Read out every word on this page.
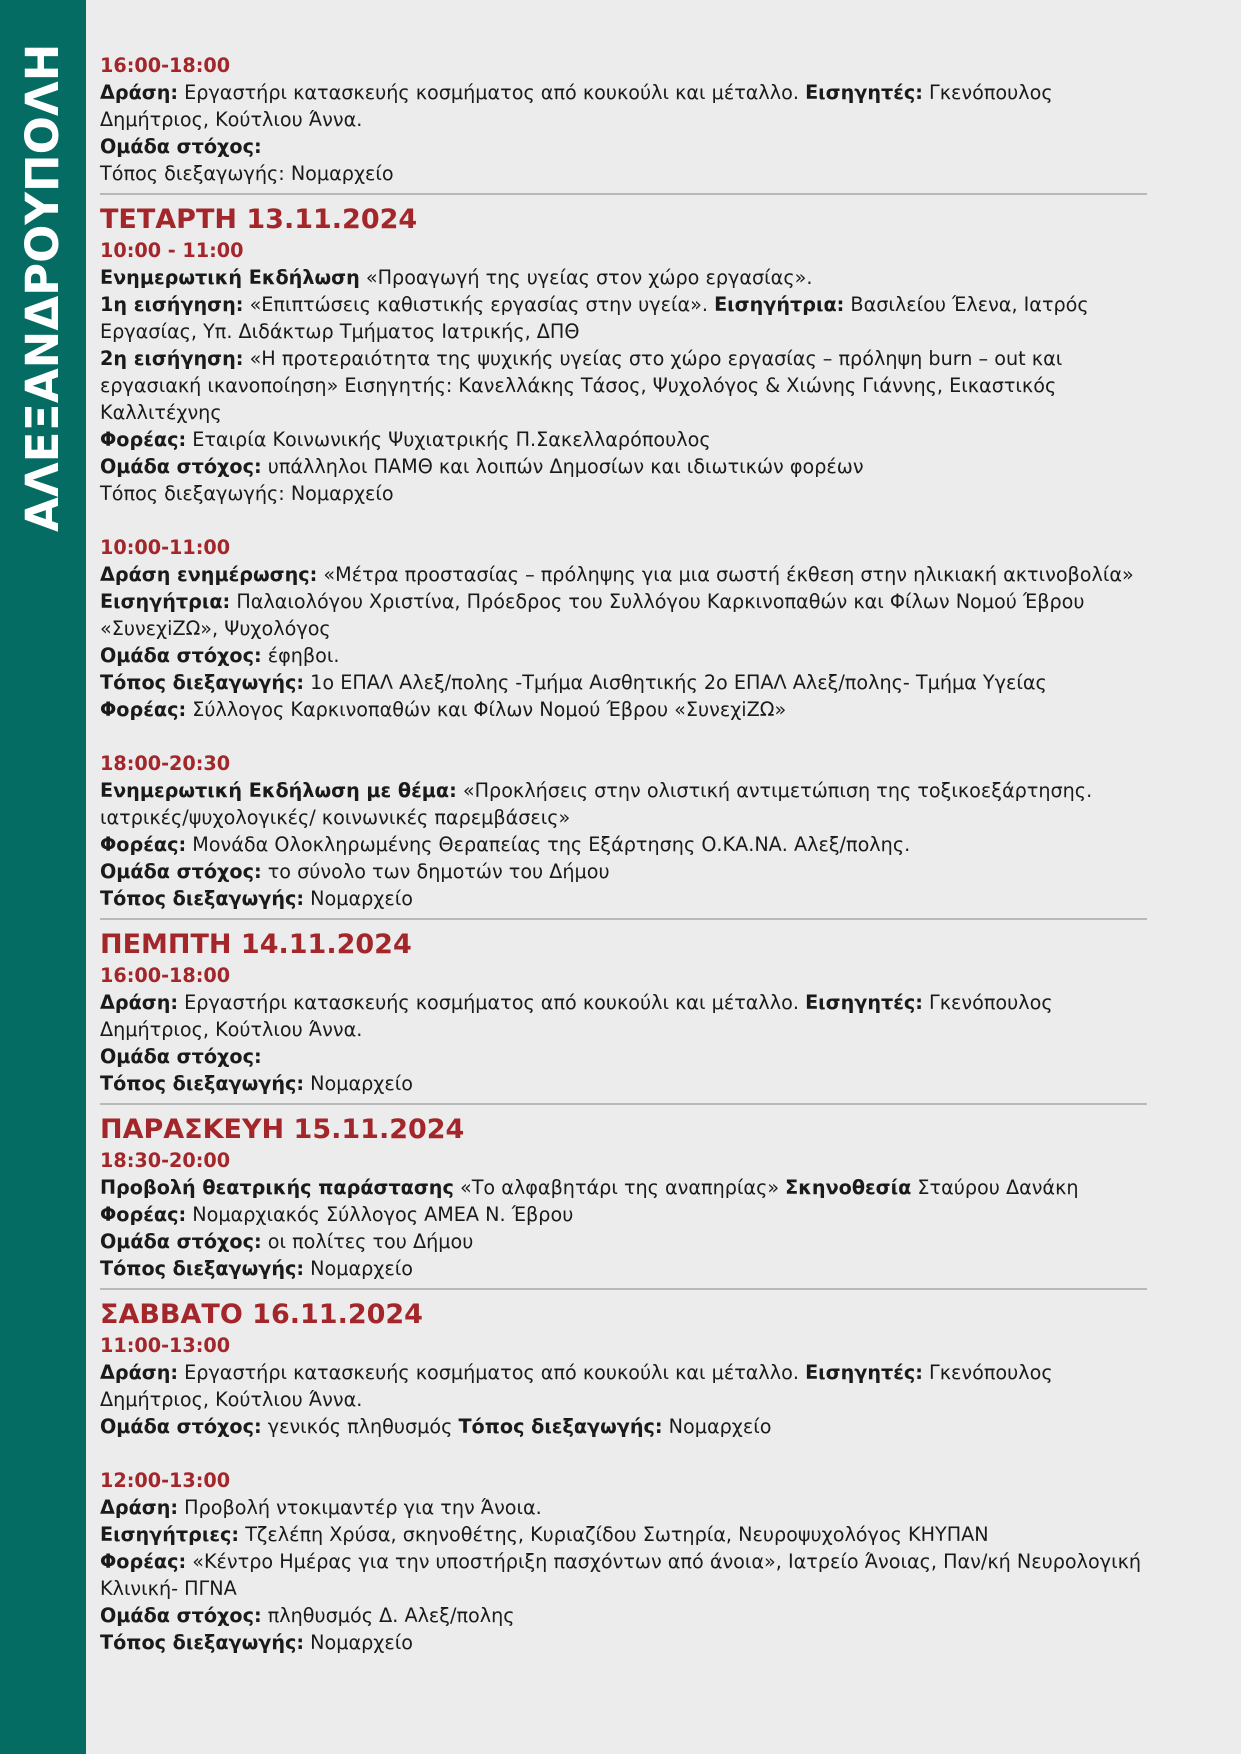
ΑΛΕΞΑΝΔΡΟΥΠΟΛΗ 16:00-18:00

Δράση: Εργαστήρι κατασκευής κοσμήματος από κουκούλι και μέταλλο. Εισηγητές: Γκενόπουλος

Δημήτριος, Κούτλιου Άννα.

Ομάδα στόχος:

Τόπος διεξαγωγής: Νομαρχείο

ΤΕΤΑΡΤΗ 13.11.2024
10:00 - 11:00

Ενημερωτική Εκδήλωση «Προαγωγή της υγείας στον χώρο εργασίας».

1η εισήγηση: «Επιπτώσεις καθιστικής εργασίας στην υγεία». Εισηγήτρια: Βασιλείου Έλενα, Ιατρός

Εργασίας, Υπ. Διδάκτωρ Τμήματος Ιατρικής, ΔΠΘ

2η εισήγηση: «Η προτεραιότητα της ψυχικής υγείας στο χώρο εργασίας – πρόληψη burn – out και

εργασιακή ικανοποίηση» Εισηγητής: Κανελλάκης Τάσος, Ψυχολόγος & Χιώνης Γιάννης, Εικαστικός

Καλλιτέχνης

Φορέας: Εταιρία Κοινωνικής Ψυχιατρικής Π.Σακελλαρόπουλος

Ομάδα στόχος: υπάλληλοι ΠΑΜΘ και λοιπών Δημοσίων και ιδιωτικών φορέων

Τόπος διεξαγωγής: Νομαρχείο

10:00-11:00

Δράση ενημέρωσης: «Μέτρα προστασίας – πρόληψης για μια σωστή έκθεση στην ηλικιακή ακτινοβολία»

Εισηγήτρια: Παλαιολόγου Χριστίνα, Πρόεδρος του Συλλόγου Καρκινοπαθών και Φίλων Νομού Έβρου

«ΣυνεχiΖΩ», Ψυχολόγος

Ομάδα στόχος: έφηβοι.

Τόπος διεξαγωγής: 1ο ΕΠΑΛ Αλεξ/πολης -Τμήμα Αισθητικής 2ο ΕΠΑΛ Αλεξ/πολης- Τμήμα Υγείας

Φορέας: Σύλλογος Καρκινοπαθών και Φίλων Νομού Έβρου «ΣυνεχiΖΩ»

18:00-20:30

Ενημερωτική Εκδήλωση με θέμα: «Προκλήσεις στην ολιστική αντιμετώπιση της τοξικοεξάρτησης.

ιατρικές/ψυχολογικές/ κοινωνικές παρεμβάσεις»

Φορέας: Μονάδα Ολοκληρωμένης Θεραπείας της Εξάρτησης Ο.ΚΑ.ΝΑ. Αλεξ/πολης.

Ομάδα στόχος: το σύνολο των δημοτών του Δήμου

Τόπος διεξαγωγής: Νομαρχείο

ΠΕΜΠΤΗ 14.11.2024
16:00-18:00

Δράση: Εργαστήρι κατασκευής κοσμήματος από κουκούλι και μέταλλο. Εισηγητές: Γκενόπουλος

Δημήτριος, Κούτλιου Άννα.

Ομάδα στόχος:

Τόπος διεξαγωγής: Νομαρχείο

ΠΑΡΑΣΚΕΥΗ 15.11.2024
18:30-20:00

Προβολή θεατρικής παράστασης «Το αλφαβητάρι της αναπηρίας» Σκηνοθεσία Σταύρου Δανάκη

Φορέας: Νομαρχιακός Σύλλογος ΑΜΕΑ Ν. Έβρου

Ομάδα στόχος: οι πολίτες του Δήμου

Τόπος διεξαγωγής: Νομαρχείο

ΣΑΒΒΑΤΟ 16.11.2024
11:00-13:00

Δράση: Εργαστήρι κατασκευής κοσμήματος από κουκούλι και μέταλλο. Εισηγητές: Γκενόπουλος

Δημήτριος, Κούτλιου Άννα.

Ομάδα στόχος: γενικός πληθυσμός Τόπος διεξαγωγής: Νομαρχείο

12:00-13:00

Δράση: Προβολή ντοκιμαντέρ για την Άνοια.

Εισηγήτριες: Τζελέπη Χρύσα, σκηνοθέτης, Κυριαζίδου Σωτηρία, Νευροψυχολόγος ΚΗΥΠΑΝ

Φορέας: «Κέντρο Ημέρας για την υποστήριξη πασχόντων από άνοια», Ιατρείο Άνοιας, Παν/κή Νευρολογική

Κλινική- ΠΓΝΑ

Ομάδα στόχος: πληθυσμός Δ. Αλεξ/πολης

Τόπος διεξαγωγής: Νομαρχείο
